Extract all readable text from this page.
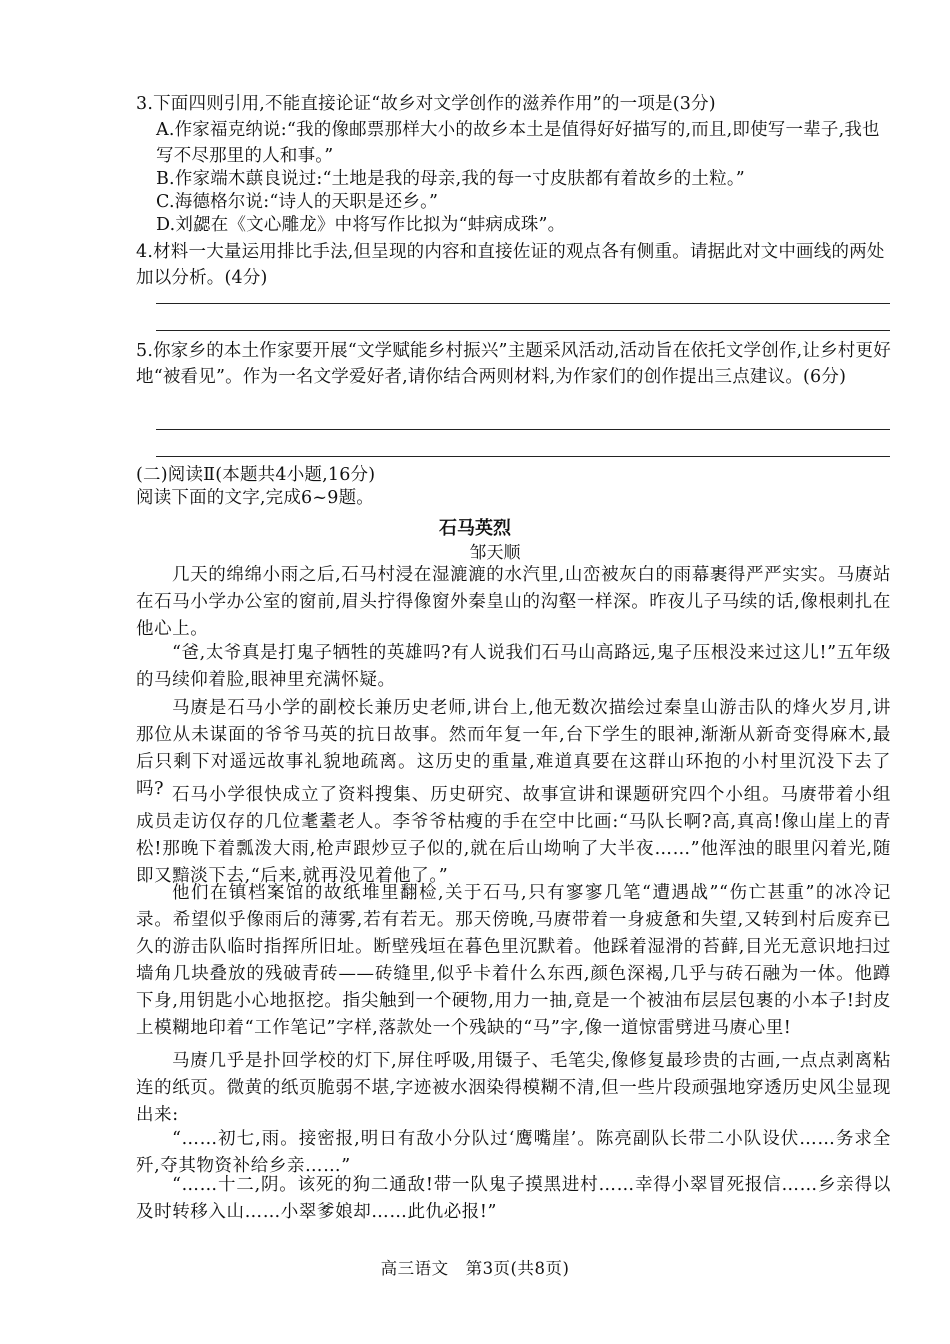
3.下面四则引用,不能直接论证“故乡对文学创作的滋养作用”的一项是(3分)
A.作家福克纳说:“我的像邮票那样大小的故乡本土是值得好好描写的,而且,即使写一辈子,我也写不尽那里的人和事。”
B.作家端木蕻良说过:“土地是我的母亲,我的每一寸皮肤都有着故乡的土粒。”
C.海德格尔说:“诗人的天职是还乡。”
D.刘勰在《文心雕龙》中将写作比拟为“蚌病成珠”。
4.材料一大量运用排比手法,但呈现的内容和直接佐证的观点各有侧重。请据此对文中画线的两处加以分析。(4分)
5.你家乡的本土作家要开展“文学赋能乡村振兴”主题采风活动,活动旨在依托文学创作,让乡村更好地“被看见”。作为一名文学爱好者,请你结合两则材料,为作家们的创作提出三点建议。(6分)
(二)阅读Ⅱ(本题共4小题,16分)
阅读下面的文字,完成6~9题。
石马英烈
邹天顺
几天的绵绵小雨之后,石马村浸在湿漉漉的水汽里,山峦被灰白的雨幕裹得严严实实。马赓站在石马小学办公室的窗前,眉头拧得像窗外秦皇山的沟壑一样深。昨夜儿子马续的话,像根刺扎在他心上。
“爸,太爷真是打鬼子牺牲的英雄吗?有人说我们石马山高路远,鬼子压根没来过这儿!”五年级的马续仰着脸,眼神里充满怀疑。
马赓是石马小学的副校长兼历史老师,讲台上,他无数次描绘过秦皇山游击队的烽火岁月,讲那位从未谋面的爷爷马英的抗日故事。然而年复一年,台下学生的眼神,渐渐从新奇变得麻木,最后只剩下对遥远故事礼貌地疏离。这历史的重量,难道真要在这群山环抱的小村里沉没下去了吗? 石马小学很快成立了资料搜集、历史研究、故事宣讲和课题研究四个小组。马赓带着小组成员走访仅存的几位耄耋老人。李爷爷枯瘦的手在空中比画:“马队长啊?高,真高!像山崖上的青松!那晚下着瓢泼大雨,枪声跟炒豆子似的,就在后山坳响了大半夜……”他浑浊的眼里闪着光,随即又黯淡下去,“后来,就再没见着他了。”
他们在镇档案馆的故纸堆里翻检,关于石马,只有寥寥几笔“遭遇战”“伤亡甚重”的冰冷记录。希望似乎像雨后的薄雾,若有若无。那天傍晚,马赓带着一身疲惫和失望,又转到村后废弃已久的游击队临时指挥所旧址。断壁残垣在暮色里沉默着。他踩着湿滑的苔藓,目光无意识地扫过墙角几块叠放的残破青砖——砖缝里,似乎卡着什么东西,颜色深褐,几乎与砖石融为一体。他蹲下身,用钥匙小心地抠挖。指尖触到一个硬物,用力一抽,竟是一个被油布层层包裹的小本子!封皮上模糊地印着“工作笔记”字样,落款处一个残缺的“马”字,像一道惊雷劈进马赓心里!
马赓几乎是扑回学校的灯下,屏住呼吸,用镊子、毛笔尖,像修复最珍贵的古画,一点点剥离粘连的纸页。微黄的纸页脆弱不堪,字迹被水洇染得模糊不清,但一些片段顽强地穿透历史风尘显现出来:
“……初七,雨。接密报,明日有敌小分队过‘鹰嘴崖’。陈亮副队长带二小队设伏……务求全歼,夺其物资补给乡亲……”
“……十二,阴。该死的狗二通敌!带一队鬼子摸黑进村……幸得小翠冒死报信……乡亲得以及时转移入山……小翠爹娘却……此仇必报!”
高三语文　第3页(共8页)
